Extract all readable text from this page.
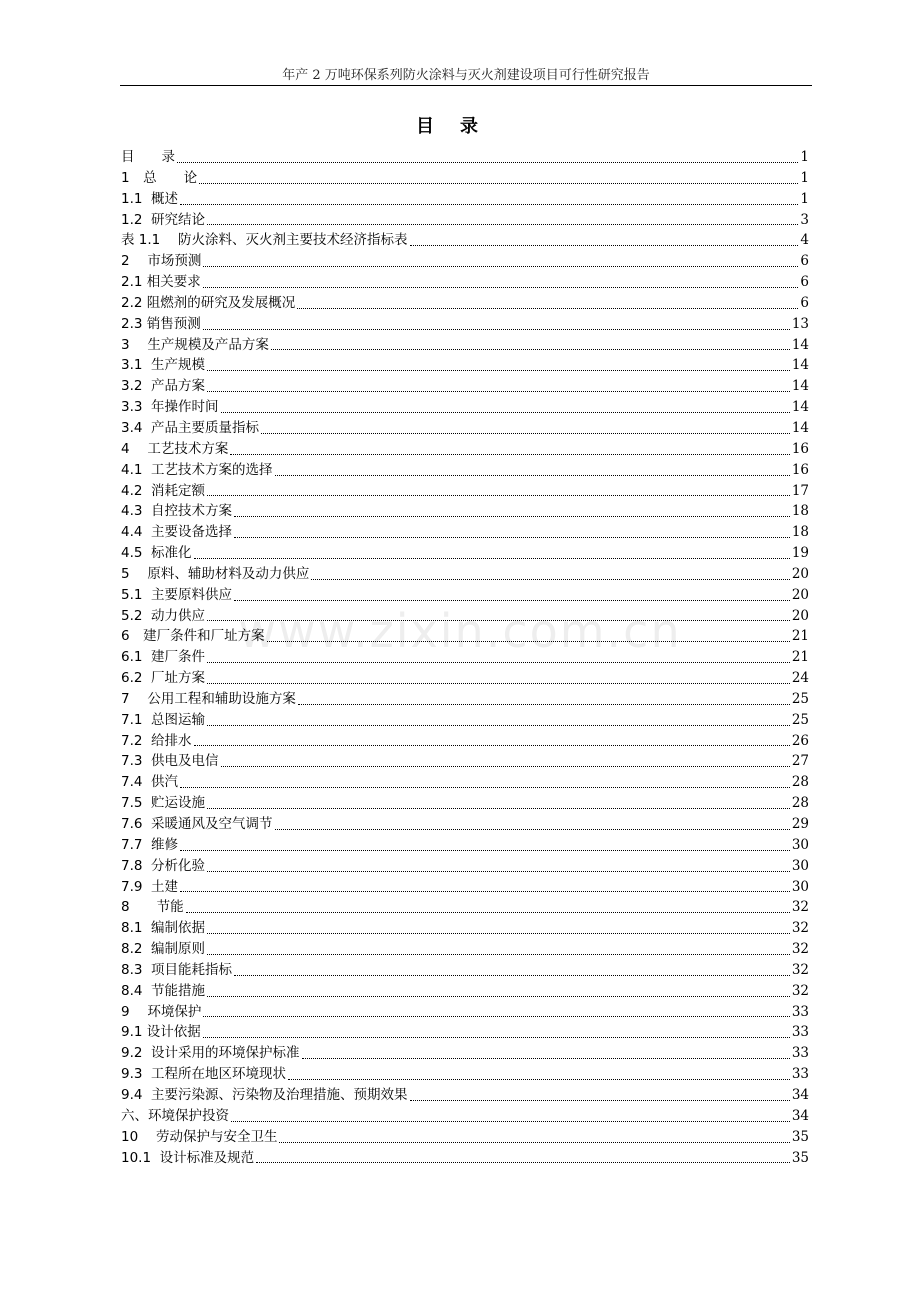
年产 2 万吨环保系列防火涂料与灭火剂建设项目可行性研究报告
目录
www.zixin.com.cn
目　　录	1
1　总　　论	1
1.1  概述	1
1.2  研究结论	3
表 1.1　 防火涂料、灭火剂主要技术经济指标表	4
2　 市场预测	6
2.1 相关要求	6
2.2 阻燃剂的研究及发展概况	6
2.3 销售预测	13
3　 生产规模及产品方案	14
3.1  生产规模	14
3.2  产品方案	14
3.3  年操作时间	14
3.4  产品主要质量指标	14
4　 工艺技术方案	16
4.1  工艺技术方案的选择	16
4.2  消耗定额	17
4.3  自控技术方案	18
4.4  主要设备选择	18
4.5  标准化	19
5　 原料、辅助材料及动力供应	20
5.1  主要原料供应	20
5.2  动力供应	20
6　建厂条件和厂址方案	21
6.1  建厂条件	21
6.2  厂址方案	24
7　 公用工程和辅助设施方案	25
7.1  总图运输	25
7.2  给排水	26
7.3  供电及电信	27
7.4  供汽	28
7.5  贮运设施	28
7.6  采暖通风及空气调节	29
7.7  维修	30
7.8  分析化验	30
7.9  土建	30
8　　节能	32
8.1  编制依据	32
8.2  编制原则	32
8.3  项目能耗指标	32
8.4  节能措施	32
9　 环境保护	33
9.1 设计依据	33
9.2  设计采用的环境保护标准	33
9.3  工程所在地区环境现状	33
9.4  主要污染源、污染物及治理措施、预期效果	34
六、环境保护投资	34
10　 劳动保护与安全卫生	35
10.1  设计标准及规范	35
